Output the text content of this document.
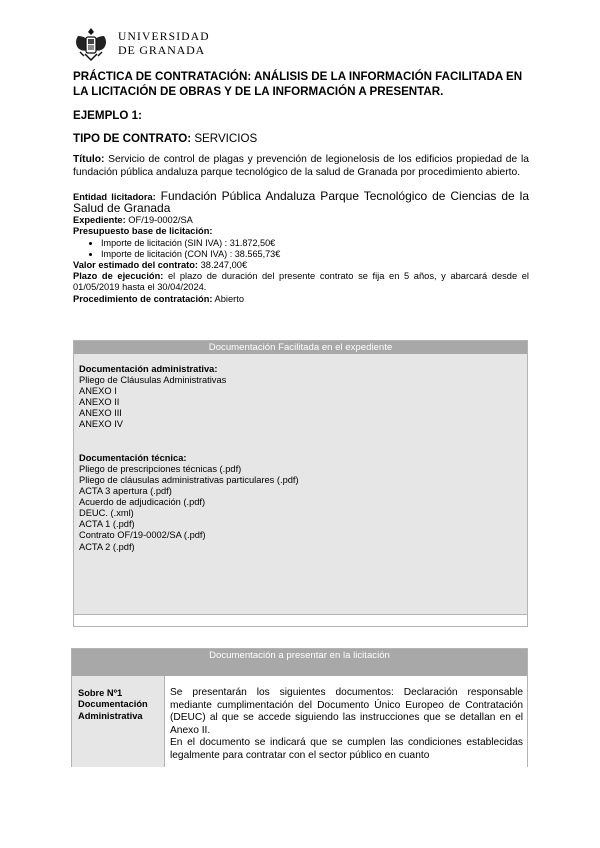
UNIVERSIDAD
DE GRANADA

PRÁCTICA DE CONTRATACIÓN: ANÁLISIS DE LA INFORMACIÓN FACILITADA EN LA LICITACIÓN DE OBRAS Y DE LA INFORMACIÓN A PRESENTAR.

EJEMPLO 1:
TIPO DE CONTRATO: SERVICIOS
Título: Servicio de control de plagas y prevención de legionelosis de los edificios propiedad de la fundación pública andaluza parque tecnológico de la salud de Granada por procedimiento abierto.
Entidad licitadora: Fundación Pública Andaluza Parque Tecnológico de Ciencias de la Salud de Granada
Expediente: OF/19-0002/SA
Presupuesto base de licitación:
• Importe de licitación (SIN IVA) : 31.872,50€
• Importe de licitación (CON IVA) : 38.565,73€
Valor estimado del contrato: 38.247,00€
Plazo de ejecución: el plazo de duración del presente contrato se fija en 5 años, y abarcará desde el 01/05/2019 hasta el 30/04/2024.
Procedimiento de contratación: Abierto
Documentación Facilitada en el expediente
Documentación administrativa:
Pliego de Cláusulas Administrativas
ANEXO I
ANEXO II
ANEXO III
ANEXO IV

Documentación técnica:
Pliego de prescripciones técnicas (.pdf)
Pliego de cláusulas administrativas particulares (.pdf)
ACTA 3 apertura (.pdf)
Acuerdo de adjudicación (.pdf)
DEUC. (.xml)
ACTA 1 (.pdf)
Contrato OF/19-0002/SA (.pdf)
ACTA 2 (.pdf)
Documentación a presentar en la licitación
Sobre Nº1 Documentación Administrativa
Se presentarán los siguientes documentos: Declaración responsable mediante cumplimentación del Documento Único Europeo de Contratación (DEUC) al que se accede siguiendo las instrucciones que se detallan en el Anexo II.
En el documento se indicará que se cumplen las condiciones establecidas legalmente para contratar con el sector público en cuanto
